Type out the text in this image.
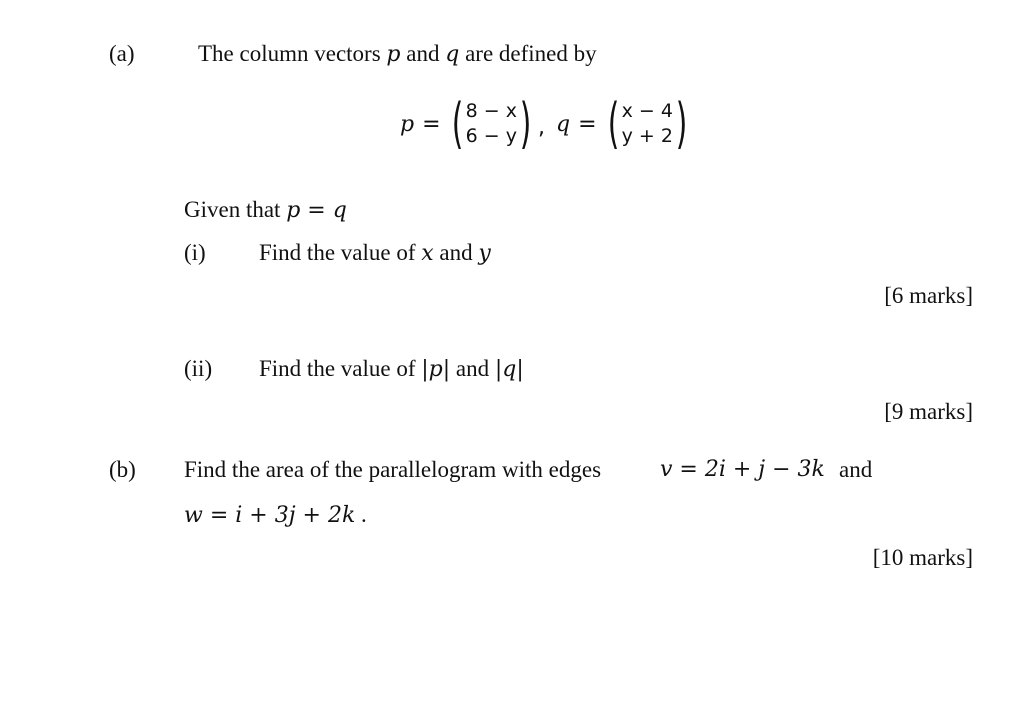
(a)	The column vectors p and q are defined by
p = ( 8 − x
6 − y ) , q = ( x − 4
y + 2 )
Given that p = q
(i) Find the value of x and y
[6 marks]
(ii) Find the value of |p| and |q|
[9 marks]
(b) Find the area of the parallelogram with edges	v = 2i + j − 3k and
w = i + 3j + 2k .
[10 marks]
